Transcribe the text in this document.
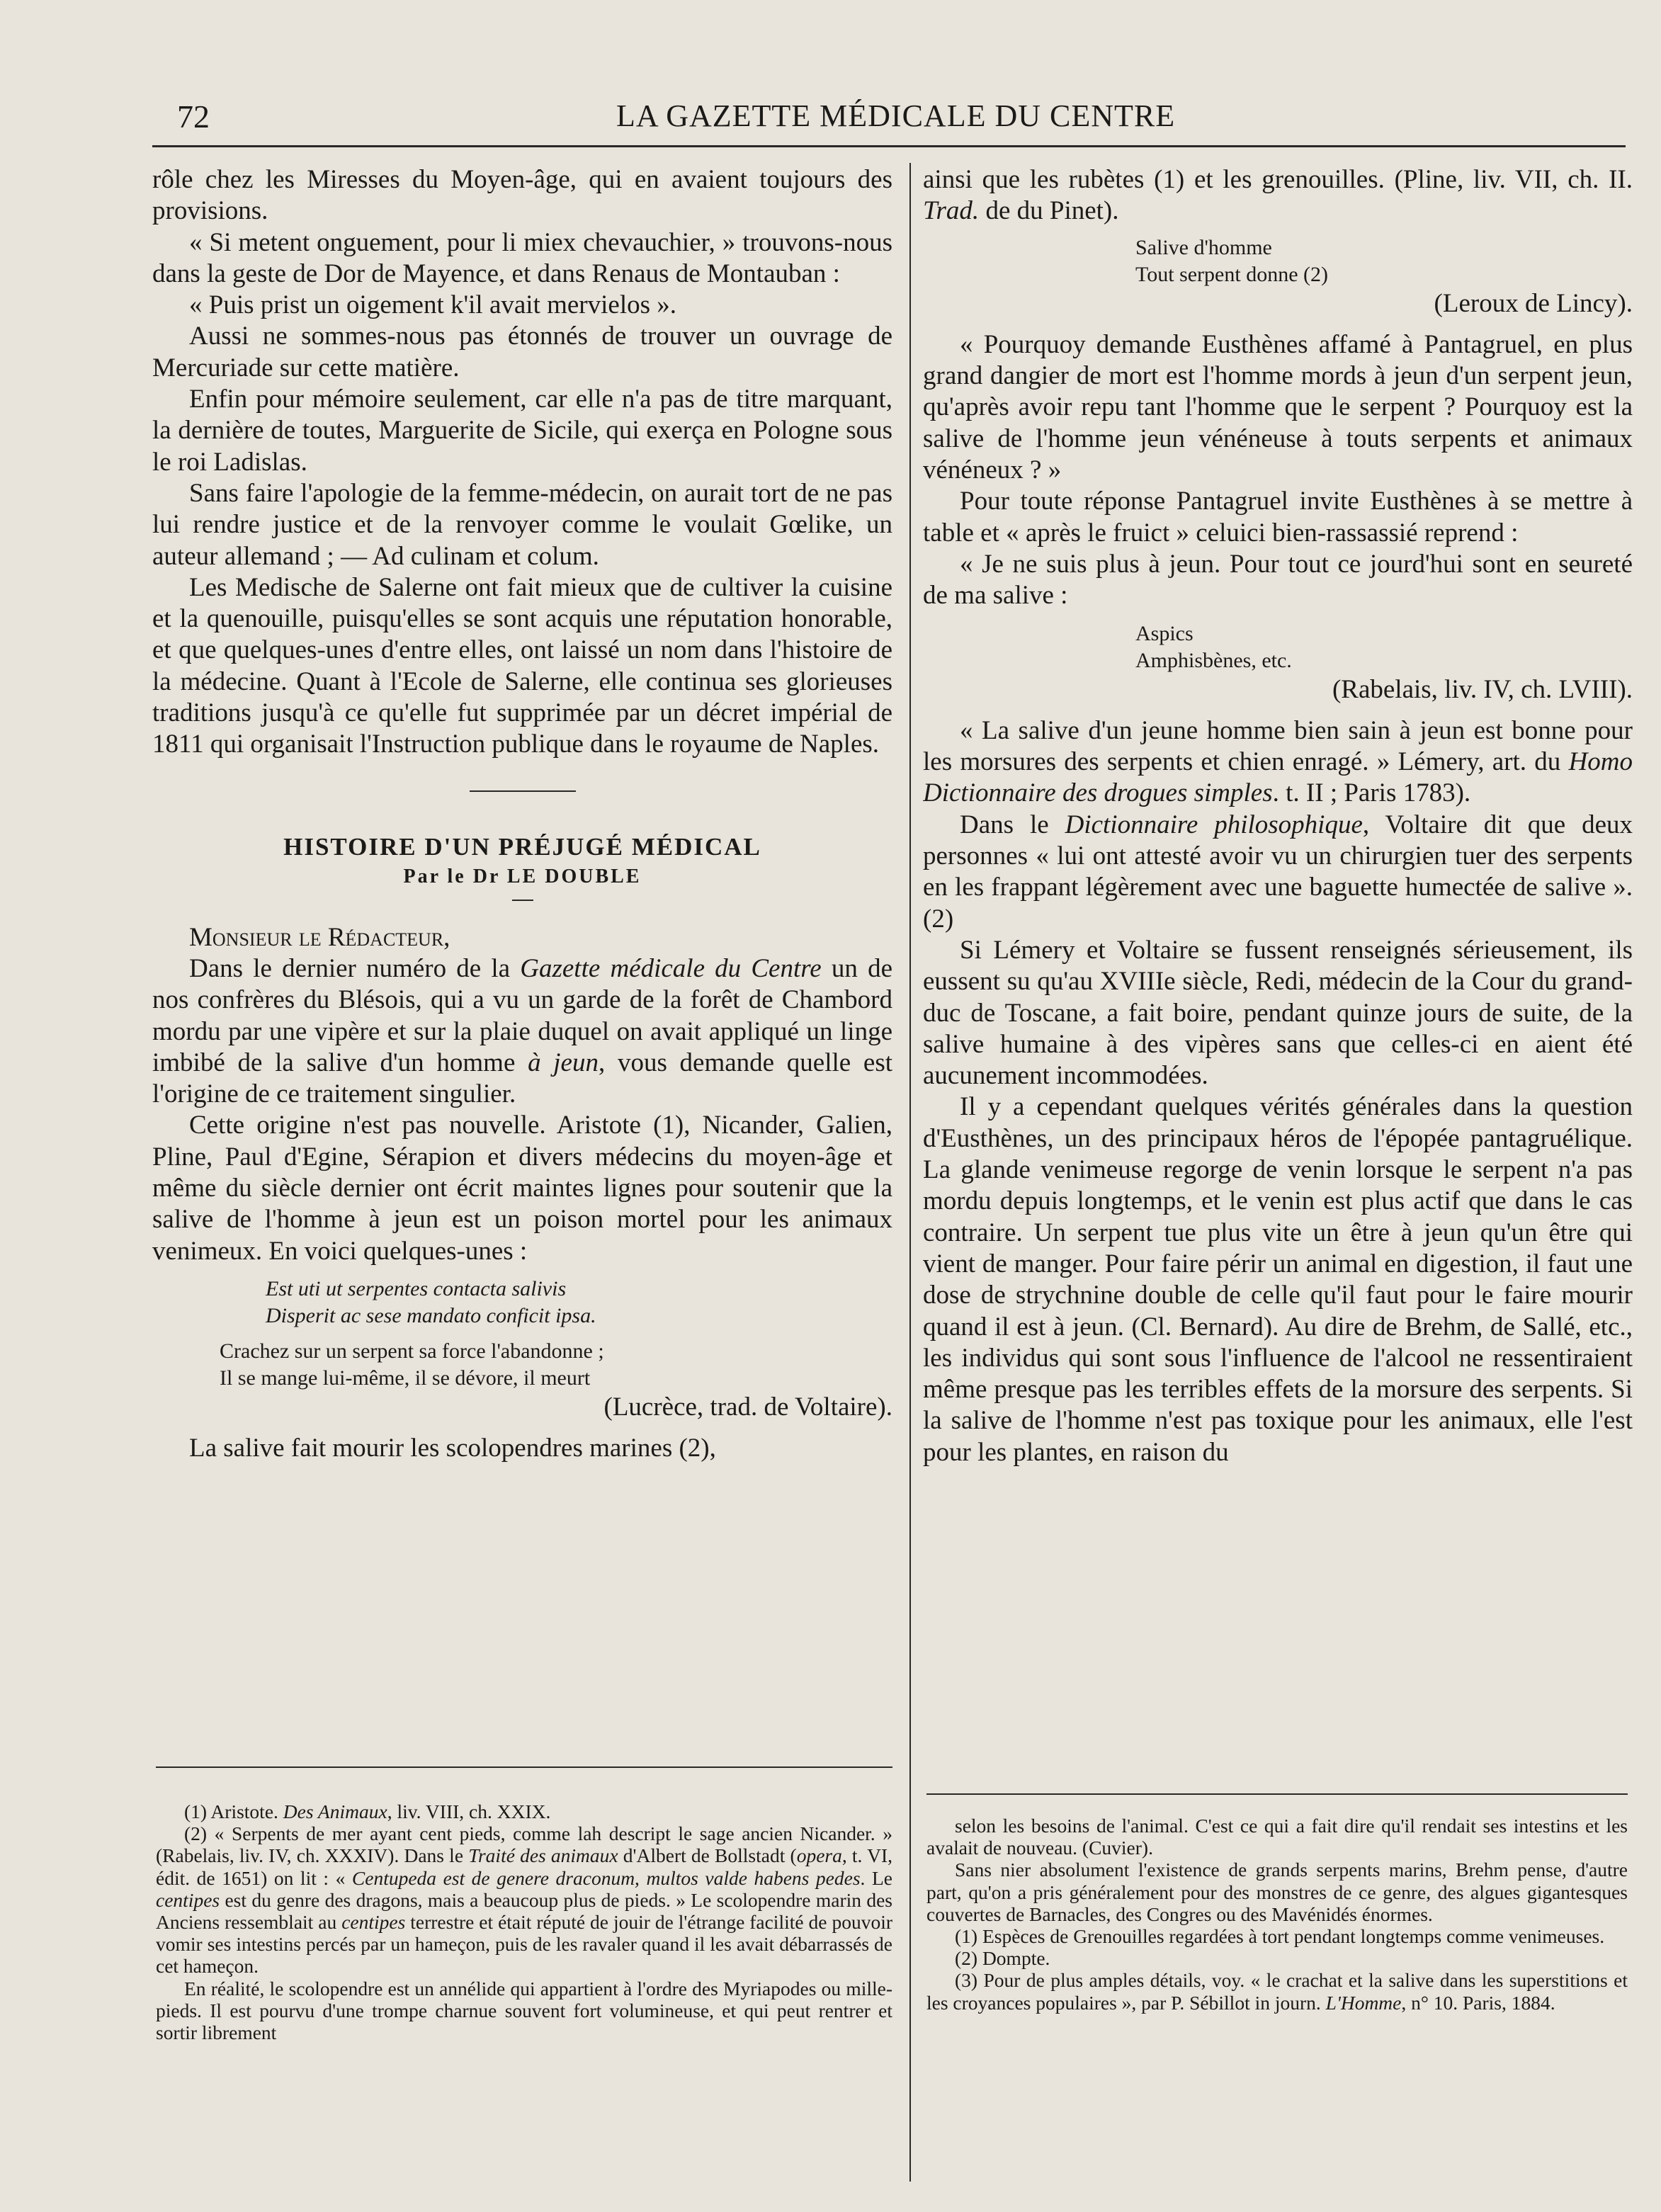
72	LA GAZETTE MÉDICALE DU CENTRE

rôle chez les Miresses du Moyen-âge, qui en avaient toujours des provisions.

« Si metent onguement, pour li miex chevauchier, » trouvons-nous dans la geste de Dor de Mayence, et dans Renaus de Montauban :

« Puis prist un oigement k'il avait mervielos ».

Aussi ne sommes-nous pas étonnés de trouver un ouvrage de Mercuriade sur cette matière.

Enfin pour mémoire seulement, car elle n'a pas de titre marquant, la dernière de toutes, Marguerite de Sicile, qui exerça en Pologne sous le roi Ladislas.

Sans faire l'apologie de la femme-médecin, on aurait tort de ne pas lui rendre justice et de la renvoyer comme le voulait Gœlike, un auteur allemand ; — Ad culinam et colum.

Les Medische de Salerne ont fait mieux que de cultiver la cuisine et la quenouille, puisqu'elles se sont acquis une réputation honorable, et que quelques-unes d'entre elles, ont laissé un nom dans l'histoire de la médecine. Quant à l'Ecole de Salerne, elle continua ses glorieuses traditions jusqu'à ce qu'elle fut supprimée par un décret impérial de 1811 qui organisait l'Instruction publique dans le royaume de Naples.

HISTOIRE D'UN PRÉJUGÉ MÉDICAL
Par le Dr LE DOUBLE

Monsieur le Rédacteur,

Dans le dernier numéro de la Gazette médicale du Centre un de nos confrères du Blésois, qui a vu un garde de la forêt de Chambord mordu par une vipère et sur la plaie duquel on avait appliqué un linge imbibé de la salive d'un homme à jeun, vous demande quelle est l'origine de ce traitement singulier.

Cette origine n'est pas nouvelle. Aristote (1), Nicander, Galien, Pline, Paul d'Egine, Sérapion et divers médecins du moyen-âge et même du siècle dernier ont écrit maintes lignes pour soutenir que la salive de l'homme à jeun est un poison mortel pour les animaux venimeux. En voici quelques-unes :

Est uti ut serpentes contacta salivis
Disperit ac sese mandato conficit ipsa.
Crachez sur un serpent sa force l'abandonne ;
Il se mange lui-même, il se dévore, il meurt
(Lucrèce, trad. de Voltaire).

La salive fait mourir les scolopendres marines (2),

(1) Aristote. Des Animaux, liv. VIII, ch. XXIX.

(2) « Serpents de mer ayant cent pieds, comme lah descript le sage ancien Nicander. » (Rabelais, liv. IV, ch. XXXIV). Dans le Traité des animaux d'Albert de Bollstadt (opera, t. VI, édit. de 1651) on lit : « Centupeda est de genere draconum, multos valde habens pedes. Le centipes est du genre des dragons, mais a beaucoup plus de pieds. » Le scolopendre marin des Anciens ressemblait au centipes terrestre et était réputé de jouir de l'étrange facilité de pouvoir vomir ses intestins percés par un hameçon, puis de les ravaler quand il les avait débarrassés de cet hameçon.

En réalité, le scolopendre est un annélide qui appartient à l'ordre des Myriapodes ou mille-pieds. Il est pourvu d'une trompe charnue souvent fort volumineuse, et qui peut rentrer et sortir librement

ainsi que les rubètes (1) et les grenouilles. (Pline, liv. VII, ch. II. Trad. de du Pinet).

Salive d'homme
Tout serpent donne (2)
(Leroux de Lincy).

« Pourquoy demande Eusthènes affamé à Pantagruel, en plus grand dangier de mort est l'homme mords à jeun d'un serpent jeun, qu'après avoir repu tant l'homme que le serpent ? Pourquoy est la salive de l'homme jeun vénéneuse à touts serpents et animaux vénéneux ? »

Pour toute réponse Pantagruel invite Eusthènes à se mettre à table et « après le fruict » celuici bien-rassassié reprend :

« Je ne suis plus à jeun. Pour tout ce jourd'hui sont en seureté de ma salive :

Aspics
Amphisbènes, etc.
(Rabelais, liv. IV, ch. LVIII).

« La salive d'un jeune homme bien sain à jeun est bonne pour les morsures des serpents et chien enragé. » Lémery, art. du Homo Dictionnaire des drogues simples. t. II ; Paris 1783).

Dans le Dictionnaire philosophique, Voltaire dit que deux personnes « lui ont attesté avoir vu un chirurgien tuer des serpents en les frappant légèrement avec une baguette humectée de salive ». (2)

Si Lémery et Voltaire se fussent renseignés sérieusement, ils eussent su qu'au XVIIIe siècle, Redi, médecin de la Cour du grand-duc de Toscane, a fait boire, pendant quinze jours de suite, de la salive humaine à des vipères sans que celles-ci en aient été aucunement incommodées.

Il y a cependant quelques vérités générales dans la question d'Eusthènes, un des principaux héros de l'épopée pantagruélique. La glande venimeuse regorge de venin lorsque le serpent n'a pas mordu depuis longtemps, et le venin est plus actif que dans le cas contraire. Un serpent tue plus vite un être à jeun qu'un être qui vient de manger. Pour faire périr un animal en digestion, il faut une dose de strychnine double de celle qu'il faut pour le faire mourir quand il est à jeun. (Cl. Bernard). Au dire de Brehm, de Sallé, etc., les individus qui sont sous l'influence de l'alcool ne ressentiraient même presque pas les terribles effets de la morsure des serpents. Si la salive de l'homme n'est pas toxique pour les animaux, elle l'est pour les plantes, en raison du

selon les besoins de l'animal. C'est ce qui a fait dire qu'il rendait ses intestins et les avalait de nouveau. (Cuvier).

Sans nier absolument l'existence de grands serpents marins, Brehm pense, d'autre part, qu'on a pris généralement pour des monstres de ce genre, des algues gigantesques couvertes de Barnacles, des Congres ou des Mavénidés énormes.

(1) Espèces de Grenouilles regardées à tort pendant longtemps comme venimeuses.

(2) Dompte.

(3) Pour de plus amples détails, voy. « le crachat et la salive dans les superstitions et les croyances populaires », par P. Sébillot in journ. L'Homme, n° 10. Paris, 1884.
